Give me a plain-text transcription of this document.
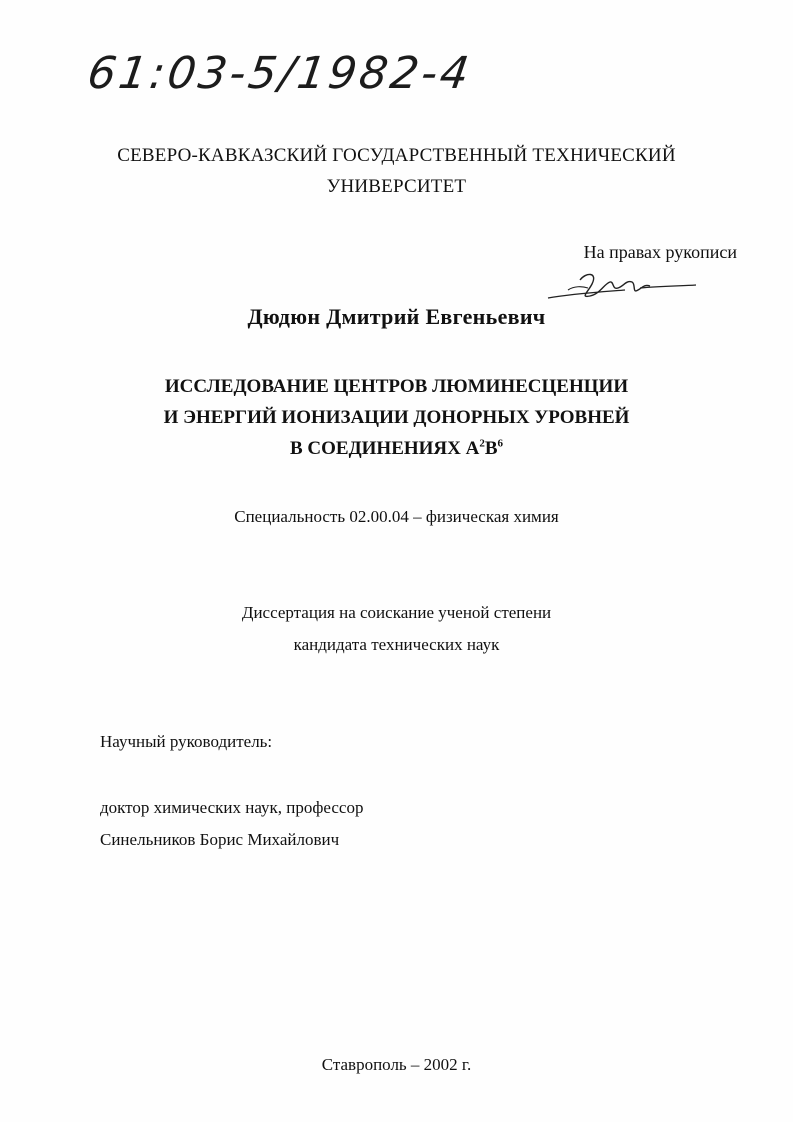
61:03-5/1982-4
СЕВЕРО-КАВКАЗСКИЙ ГОСУДАРСТВЕННЫЙ ТЕХНИЧЕСКИЙ
УНИВЕРСИТЕТ
На правах рукописи
Дюдюн Дмитрий Евгеньевич
ИССЛЕДОВАНИЕ ЦЕНТРОВ ЛЮМИНЕСЦЕНЦИИ
И ЭНЕРГИЙ ИОНИЗАЦИИ ДОНОРНЫХ УРОВНЕЙ
В СОЕДИНЕНИЯХ $А^2В^6$
Специальность 02.00.04 – физическая химия
Диссертация на соискание ученой степени
кандидата технических наук
Научный руководитель:
доктор химических наук, профессор
Синельников Борис Михайлович
Ставрополь – 2002 г.
